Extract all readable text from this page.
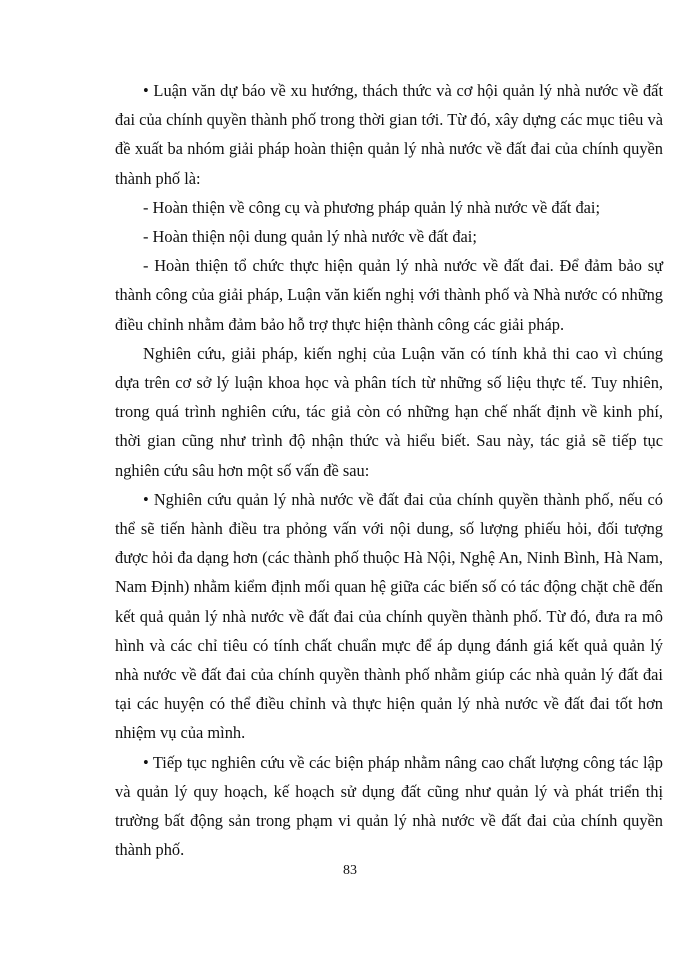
• Luận văn dự báo về xu hướng, thách thức và cơ hội quản lý nhà nước về đất đai của chính quyền thành phố trong thời gian tới. Từ đó, xây dựng các mục tiêu và đề xuất ba nhóm giải pháp hoàn thiện quản lý nhà nước về đất đai của chính quyền thành phố là:

- Hoàn thiện về công cụ và phương pháp quản lý nhà nước về đất đai;

- Hoàn thiện nội dung quản lý nhà nước về đất đai;

- Hoàn thiện tổ chức thực hiện quản lý nhà nước về đất đai. Để đảm bảo sự thành công của giải pháp, Luận văn kiến nghị với thành phố và Nhà nước có những điều chỉnh nhằm đảm bảo hỗ trợ thực hiện thành công các giải pháp.

Nghiên cứu, giải pháp, kiến nghị của Luận văn có tính khả thi cao vì chúng dựa trên cơ sở lý luận khoa học và phân tích từ những số liệu thực tế. Tuy nhiên, trong quá trình nghiên cứu, tác giả còn có những hạn chế nhất định về kinh phí, thời gian cũng như trình độ nhận thức và hiểu biết. Sau này, tác giả sẽ tiếp tục nghiên cứu sâu hơn một số vấn đề sau:

• Nghiên cứu quản lý nhà nước về đất đai của chính quyền thành phố, nếu có thể sẽ tiến hành điều tra phỏng vấn với nội dung, số lượng phiếu hỏi, đối tượng được hỏi đa dạng hơn (các thành phố thuộc Hà Nội, Nghệ An, Ninh Bình, Hà Nam, Nam Định) nhằm kiểm định mối quan hệ giữa các biến số có tác động chặt chẽ đến kết quả quản lý nhà nước về đất đai của chính quyền thành phố. Từ đó, đưa ra mô hình và các chỉ tiêu có tính chất chuẩn mực để áp dụng đánh giá kết quả quản lý nhà nước về đất đai của chính quyền thành phố nhằm giúp các nhà quản lý đất đai tại các huyện có thể điều chỉnh và thực hiện quản lý nhà nước về đất đai tốt hơn nhiệm vụ của mình.

• Tiếp tục nghiên cứu về các biện pháp nhằm nâng cao chất lượng công tác lập và quản lý quy hoạch, kế hoạch sử dụng đất cũng như quản lý và phát triển thị trường bất động sản trong phạm vi quản lý nhà nước về đất đai của chính quyền thành phố.

83
